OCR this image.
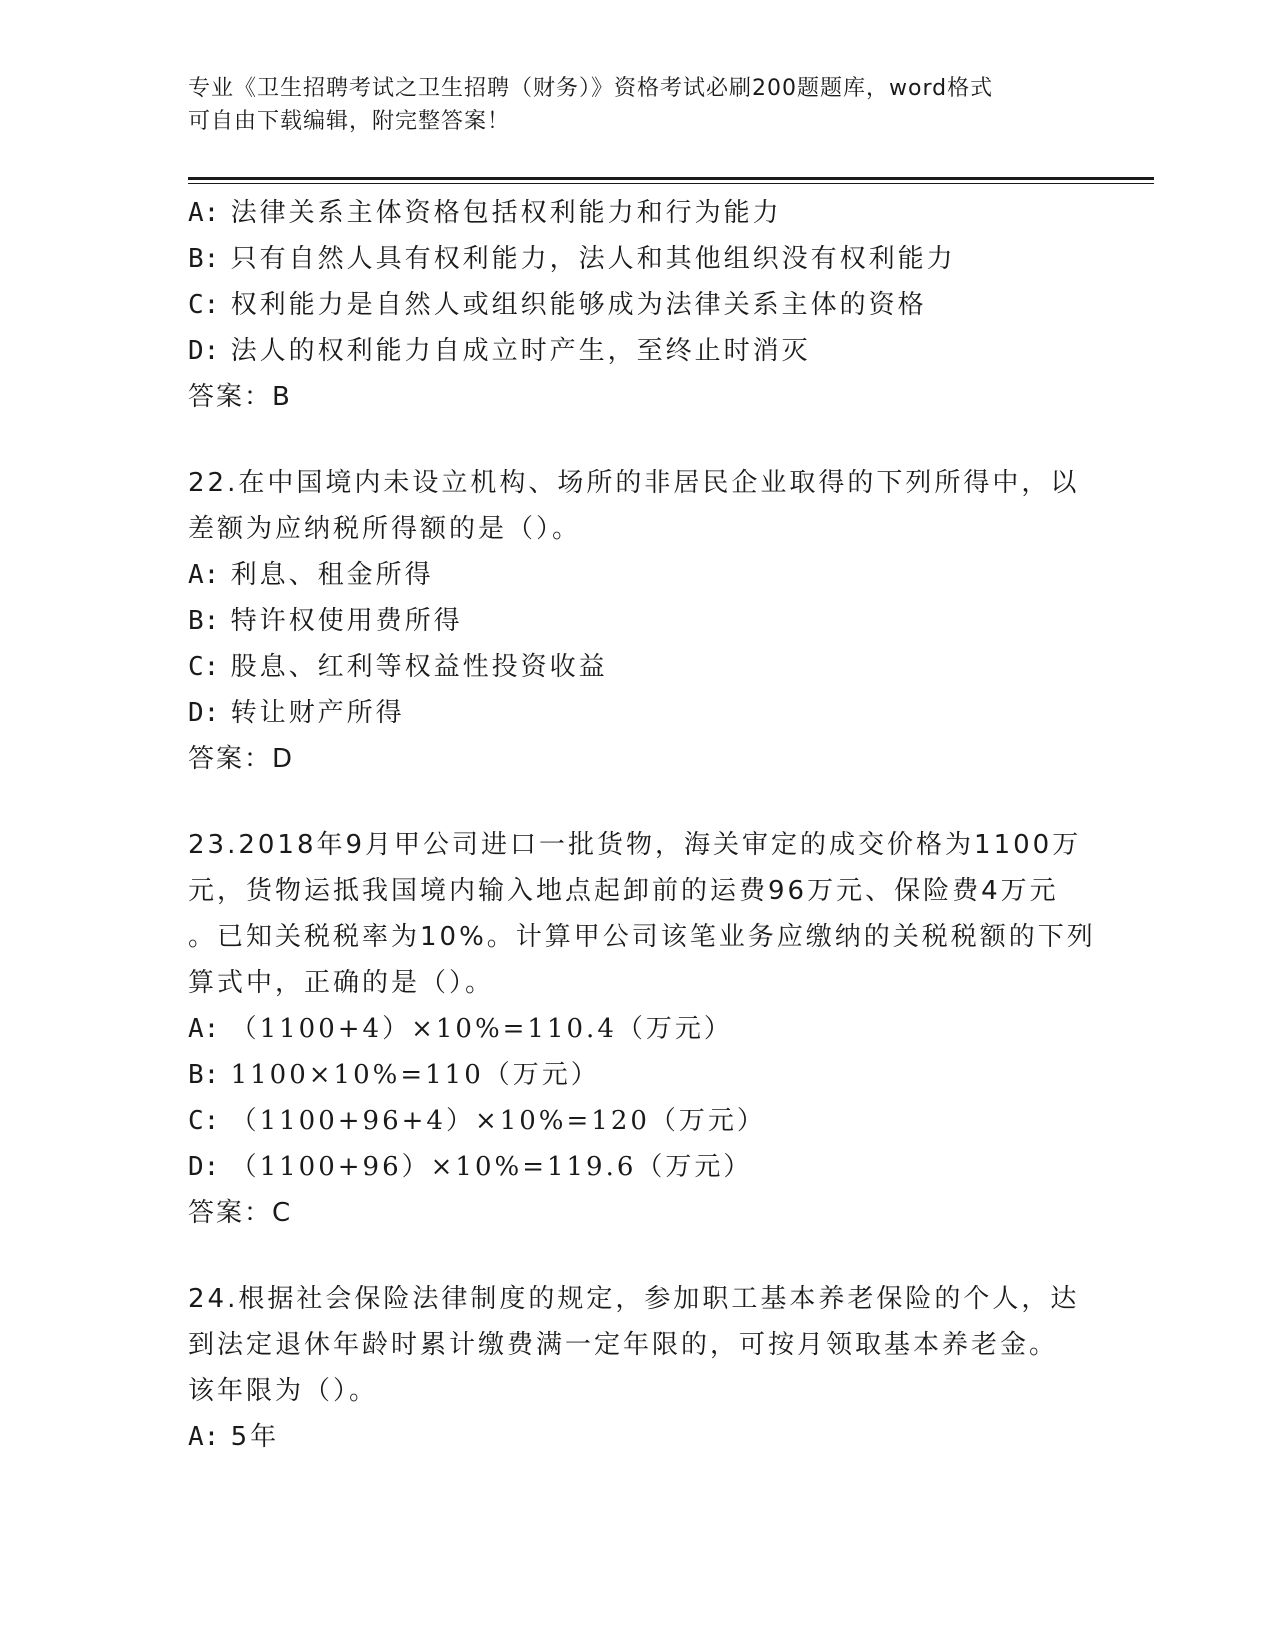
专业《卫生招聘考试之卫生招聘（财务）》资格考试必刷200题题库，word格式
可自由下载编辑，附完整答案！
A: 法律关系主体资格包括权利能力和行为能力
B: 只有自然人具有权利能力，法人和其他组织没有权利能力
C: 权利能力是自然人或组织能够成为法律关系主体的资格
D: 法人的权利能力自成立时产生，至终止时消灭
答案：B
22.在中国境内未设立机构、场所的非居民企业取得的下列所得中，以
差额为应纳税所得额的是（）。
A: 利息、租金所得
B: 特许权使用费所得
C: 股息、红利等权益性投资收益
D: 转让财产所得
答案：D
23.2018年9月甲公司进口一批货物，海关审定的成交价格为1100万
元，货物运抵我国境内输入地点起卸前的运费96万元、保险费4万元
。已知关税税率为10%。计算甲公司该笔业务应缴纳的关税税额的下列
算式中，正确的是（）。
A: （1100+4）×10%=110.4（万元）
B: 1100×10%=110（万元）
C: （1100+96+4）×10%=120（万元）
D: （1100+96）×10%=119.6（万元）
答案：C
24.根据社会保险法律制度的规定，参加职工基本养老保险的个人，达
到法定退休年龄时累计缴费满一定年限的，可按月领取基本养老金。
该年限为（）。
A: 5年
